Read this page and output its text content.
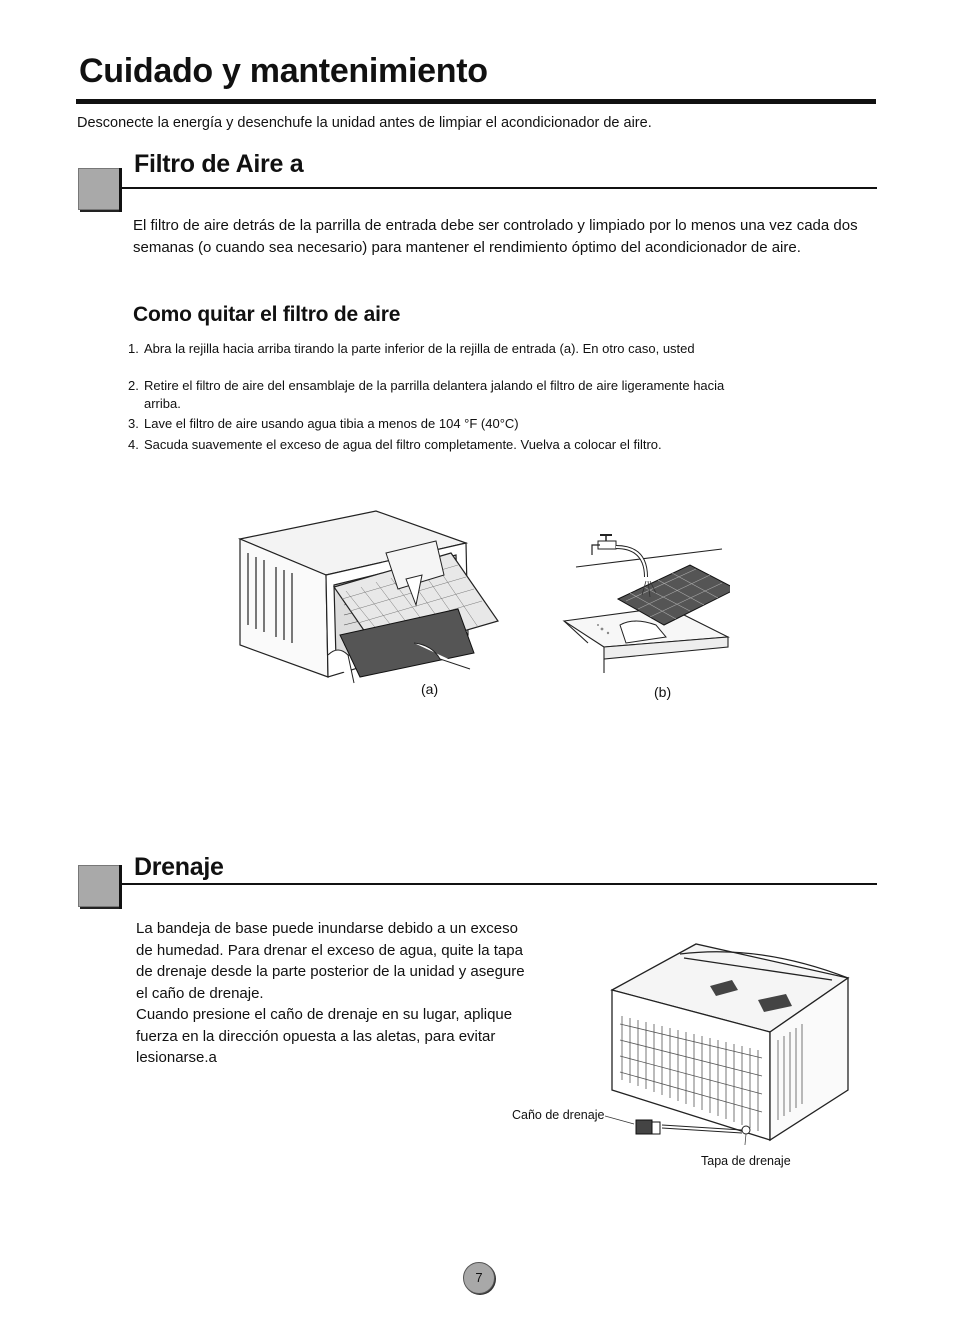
Cuidado y mantenimiento

Desconecte la energía y desenchufe la unidad antes de limpiar el acondicionador de aire.

Filtro de Aire a

El filtro de aire detrás de la parrilla de entrada debe ser controlado y limpiado por lo menos una vez cada dos semanas (o cuando sea necesario) para mantener el rendimiento óptimo del acondicionador de aire.

Como quitar el filtro de aire

1. Abra la rejilla hacia arriba tirando la parte inferior de la rejilla de entrada (a). En otro caso, usted

2. Retire el filtro de aire del ensamblaje de la parrilla delantera jalando el filtro de aire ligeramente hacia
arriba.

3. Lave el filtro de aire usando agua tibia a menos de 104 °F (40°C)

4. Sacuda suavemente el exceso de agua del filtro completamente. Vuelva a colocar el filtro.

(a)	(b)
Drenaje

La bandeja de base puede inundarse debido a un exceso

de humedad. Para drenar el exceso de agua, quite la tapa

de drenaje desde la parte posterior de la unidad y asegure

el caño de drenaje.

Cuando presione el caño de drenaje en su lugar, aplique

fuerza en la dirección opuesta a las aletas, para evitar

lesionarse.a

Caño de drenaje
Tapa de drenaje
7
